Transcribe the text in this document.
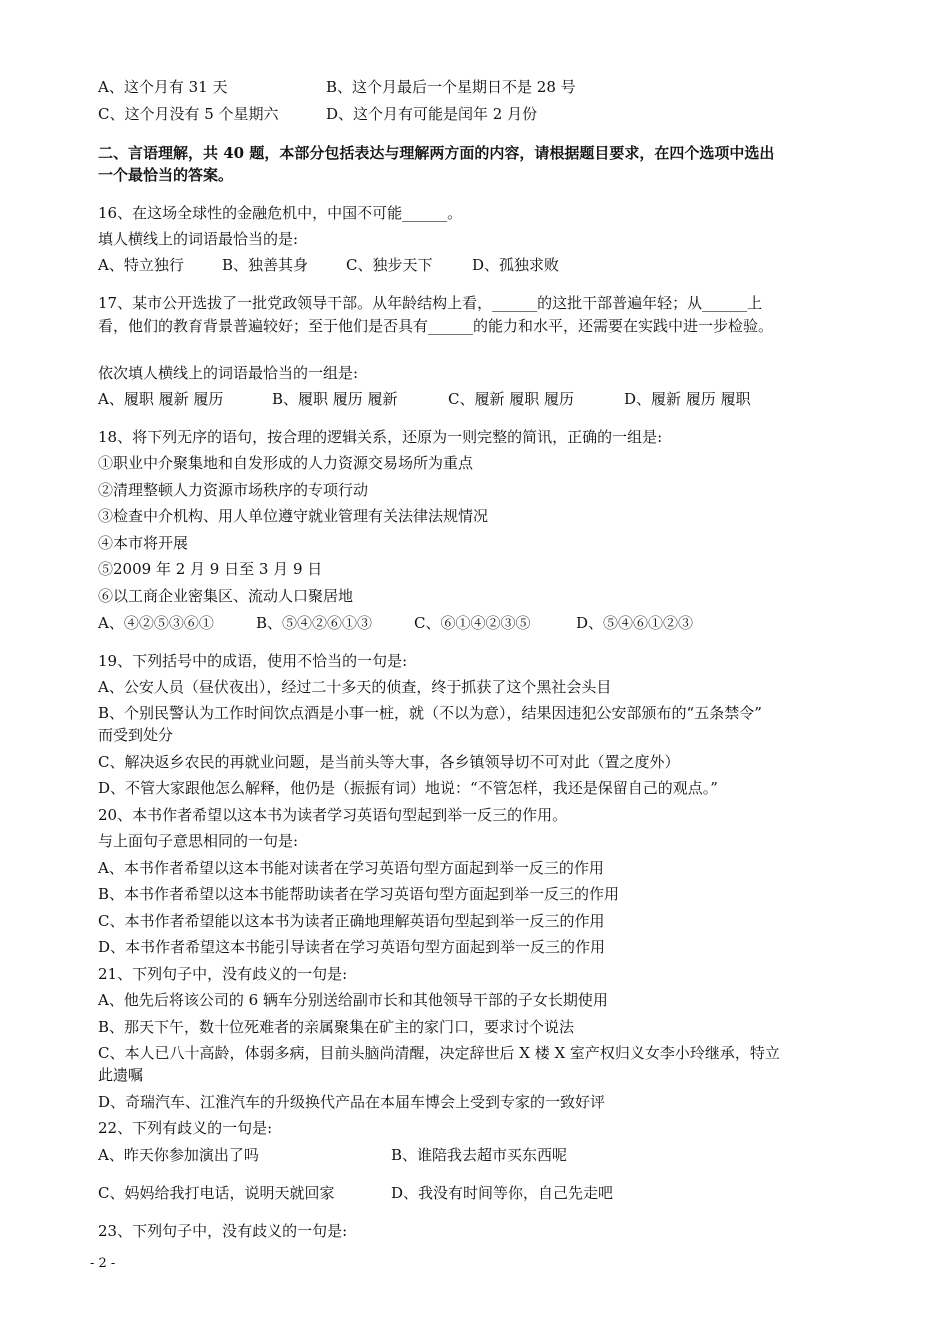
A、这个月有 31 天	B、这个月最后一个星期日不是 28 号
C、这个月没有 5 个星期六	D、这个月有可能是闰年 2 月份
二、言语理解，共 40 题，本部分包括表达与理解两方面的内容，请根据题目要求，在四个选项中选出
一个最恰当的答案。
16、在这场全球性的金融危机中，中国不可能______。
填人横线上的词语最恰当的是:
A、特立独行	B、独善其身	C、独步天下	D、孤独求败
17、某市公开选拔了一批党政领导干部。从年龄结构上看，______的这批干部普遍年轻；从______上
看，他们的教育背景普遍较好；至于他们是否具有______的能力和水平，还需要在实践中进一步检验。
依次填人横线上的词语最恰当的一组是:
A、履职 履新 履历	B、履职 履历 履新	C、履新 履职 履历	D、履新 履历 履职
18、将下列无序的语句，按合理的逻辑关系，还原为一则完整的简讯，正确的一组是:
①职业中介聚集地和自发形成的人力资源交易场所为重点
②清理整顿人力资源市场秩序的专项行动
③检查中介机构、用人单位遵守就业管理有关法律法规情况
④本市将开展
⑤2009 年 2 月 9 日至 3 月 9 日
⑥以工商企业密集区、流动人口聚居地
A、④②⑤③⑥①	B、⑤④②⑥①③	C、⑥①④②③⑤	D、⑤④⑥①②③
19、下列括号中的成语，使用不恰当的一句是:
A、公安人员（昼伏夜出），经过二十多天的侦查，终于抓获了这个黑社会头目
B、个别民警认为工作时间饮点酒是小事一桩，就（不以为意），结果因违犯公安部颁布的“五条禁令”
而受到处分
C、解决返乡农民的再就业问题，是当前头等大事，各乡镇领导切不可对此（置之度外）
D、不管大家跟他怎么解释，他仍是（振振有词）地说：“不管怎样，我还是保留自己的观点。”
20、本书作者希望以这本书为读者学习英语句型起到举一反三的作用。
与上面句子意思相同的一句是:
A、本书作者希望以这本书能对读者在学习英语句型方面起到举一反三的作用
B、本书作者希望以这本书能帮助读者在学习英语句型方面起到举一反三的作用
C、本书作者希望能以这本书为读者正确地理解英语句型起到举一反三的作用
D、本书作者希望这本书能引导读者在学习英语句型方面起到举一反三的作用
21、下列句子中，没有歧义的一句是:
A、他先后将该公司的 6 辆车分别送给副市长和其他领导干部的子女长期使用
B、那天下午，数十位死难者的亲属聚集在矿主的家门口，要求讨个说法
C、本人已八十高龄，体弱多病，目前头脑尚清醒，决定辞世后 X 楼 X 室产权归义女李小玲继承，特立
此遗嘱
D、奇瑞汽车、江淮汽车的升级换代产品在本届车博会上受到专家的一致好评
22、下列有歧义的一句是:
A、昨天你参加演出了吗	B、谁陪我去超市买东西呢
C、妈妈给我打电话，说明天就回家	D、我没有时间等你，自己先走吧
23、下列句子中，没有歧义的一句是:
- 2 -
